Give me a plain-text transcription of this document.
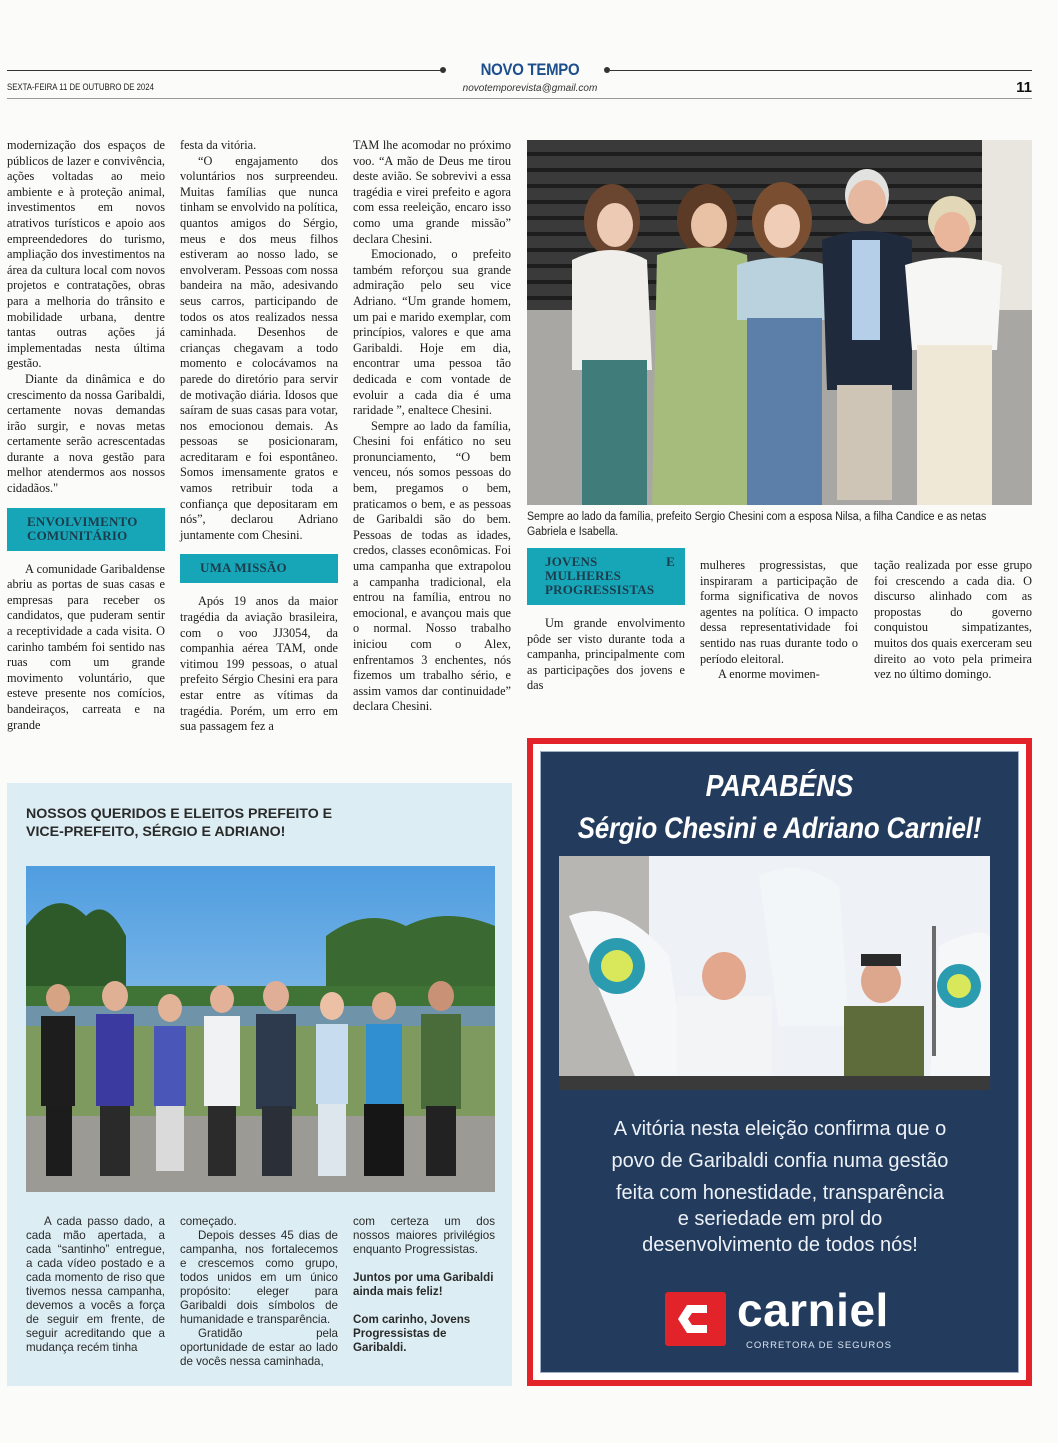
NOVO TEMPO
novotemporevista@gmail.com
SEXTA-FEIRA 11 DE OUTUBRO DE 2024	11

modernização dos espaços de públicos de lazer e convivência, ações voltadas ao meio ambiente e à proteção animal, investimentos em novos atrativos turísticos e apoio aos empreendedores do turismo, ampliação dos investimentos na área da cultura local com novos projetos e contratações, obras para a melhoria do trânsito e mobilidade urbana, dentre tantas outras ações já implementadas nesta última gestão.

Diante da dinâmica e do crescimento da nossa Garibaldi, certamente novas demandas irão surgir, e novas metas certamente serão acrescentadas durante a nova gestão para melhor atendermos aos nossos cidadãos."

ENVOLVIMENTO COMUNITÁRIO

A comunidade Garibaldense abriu as portas de suas casas e empresas para receber os candidatos, que puderam sentir a receptividade a cada visita. O carinho também foi sentido nas ruas com um grande movimento voluntário, que esteve presente nos comícios, bandeiraços, carreata e na grande

festa da vitória.

“O engajamento dos voluntários nos surpreendeu. Muitas famílias que nunca tinham se envolvido na política, quantos amigos do Sérgio, meus e dos meus filhos estiveram ao nosso lado, se envolveram. Pessoas com nossa bandeira na mão, adesivando seus carros, participando de todos os atos realizados nessa caminhada. Desenhos de crianças chegavam a todo momento e colocávamos na parede do diretório para servir de motivação diária. Idosos que saíram de suas casas para votar, nos emocionou demais. As pessoas se posicionaram, acreditaram e foi espontâneo. Somos imensamente gratos e vamos retribuir toda a confiança que depositaram em nós”, declarou Adriano juntamente com Chesini.

UMA MISSÃO

Após 19 anos da maior tragédia da aviação brasileira, com o voo JJ3054, da companhia aérea TAM, onde vitimou 199 pessoas, o atual prefeito Sérgio Chesini era para estar entre as vítimas da tragédia. Porém, um erro em sua passagem fez a

TAM lhe acomodar no próximo voo. “A mão de Deus me tirou deste avião. Se sobrevivi a essa tragédia e virei prefeito e agora com essa reeleição, encaro isso como uma grande missão” declara Chesini.

Emocionado, o prefeito também reforçou sua grande admiração pelo seu vice Adriano. “Um grande homem, um pai e marido exemplar, com princípios, valores e que ama Garibaldi. Hoje em dia, encontrar uma pessoa tão dedicada e com vontade de evoluir a cada dia é uma raridade ”, enaltece Chesini.

Sempre ao lado da família, Chesini foi enfático no seu pronunciamento, “O bem venceu, nós somos pessoas do bem, pregamos o bem, praticamos o bem, e as pessoas de Garibaldi são do bem. Pessoas de todas as idades, credos, classes econômicas. Foi uma campanha que extrapolou a campanha tradicional, ela entrou na família, entrou no emocional, e avançou mais que o normal. Nosso trabalho iniciou com o Alex, enfrentamos 3 enchentes, nós fizemos um trabalho sério, e assim vamos dar continuidade” declara Chesini.

Sempre ao lado da família, prefeito Sergio Chesini com a esposa Nilsa, a filha Candice e as netas Gabriela e Isabella.
JOVENS E MULHERES PROGRESSISTAS

Um grande envolvimento pôde ser visto durante toda a campanha, principalmente com as participações dos jovens e das

mulheres progressistas, que inspiraram a participação de forma significativa de novos agentes na política. O impacto dessa representatividade foi sentido nas ruas durante todo o período eleitoral.

A enorme movimen-

tação realizada por esse grupo foi crescendo a cada dia. O discurso alinhado com as propostas do governo conquistou simpatizantes, muitos dos quais exerceram seu direito ao voto pela primeira vez no último domingo.

NOSSOS QUERIDOS E ELEITOS PREFEITO E
VICE-PREFEITO, SÉRGIO E ADRIANO!

A cada passo dado, a cada mão apertada, a cada “santinho” entregue, a cada vídeo postado e a cada momento de riso que tivemos nessa campanha, devemos a vocês a força de seguir em frente, de seguir acreditando que a mudança recém tinha

começado.

Depois desses 45 dias de campanha, nos fortalecemos e crescemos como grupo, todos unidos em um único propósito: eleger para Garibaldi dois símbolos de humanidade e transparência.

Gratidão pela oportunidade de estar ao lado de vocês nessa caminhada,

com certeza um dos nossos maiores privilégios enquanto Progressistas.

Juntos por uma Garibaldi ainda mais feliz!

Com carinho, Jovens Progressistas de Garibaldi.

PARABÉNS
Sérgio Chesini e Adriano Carniel!
A vitória nesta eleição confirma que o
povo de Garibaldi confia numa gestão
feita com honestidade, transparência
e seriedade em prol do
desenvolvimento de todos nós!
carniel
CORRETORA DE SEGUROS
